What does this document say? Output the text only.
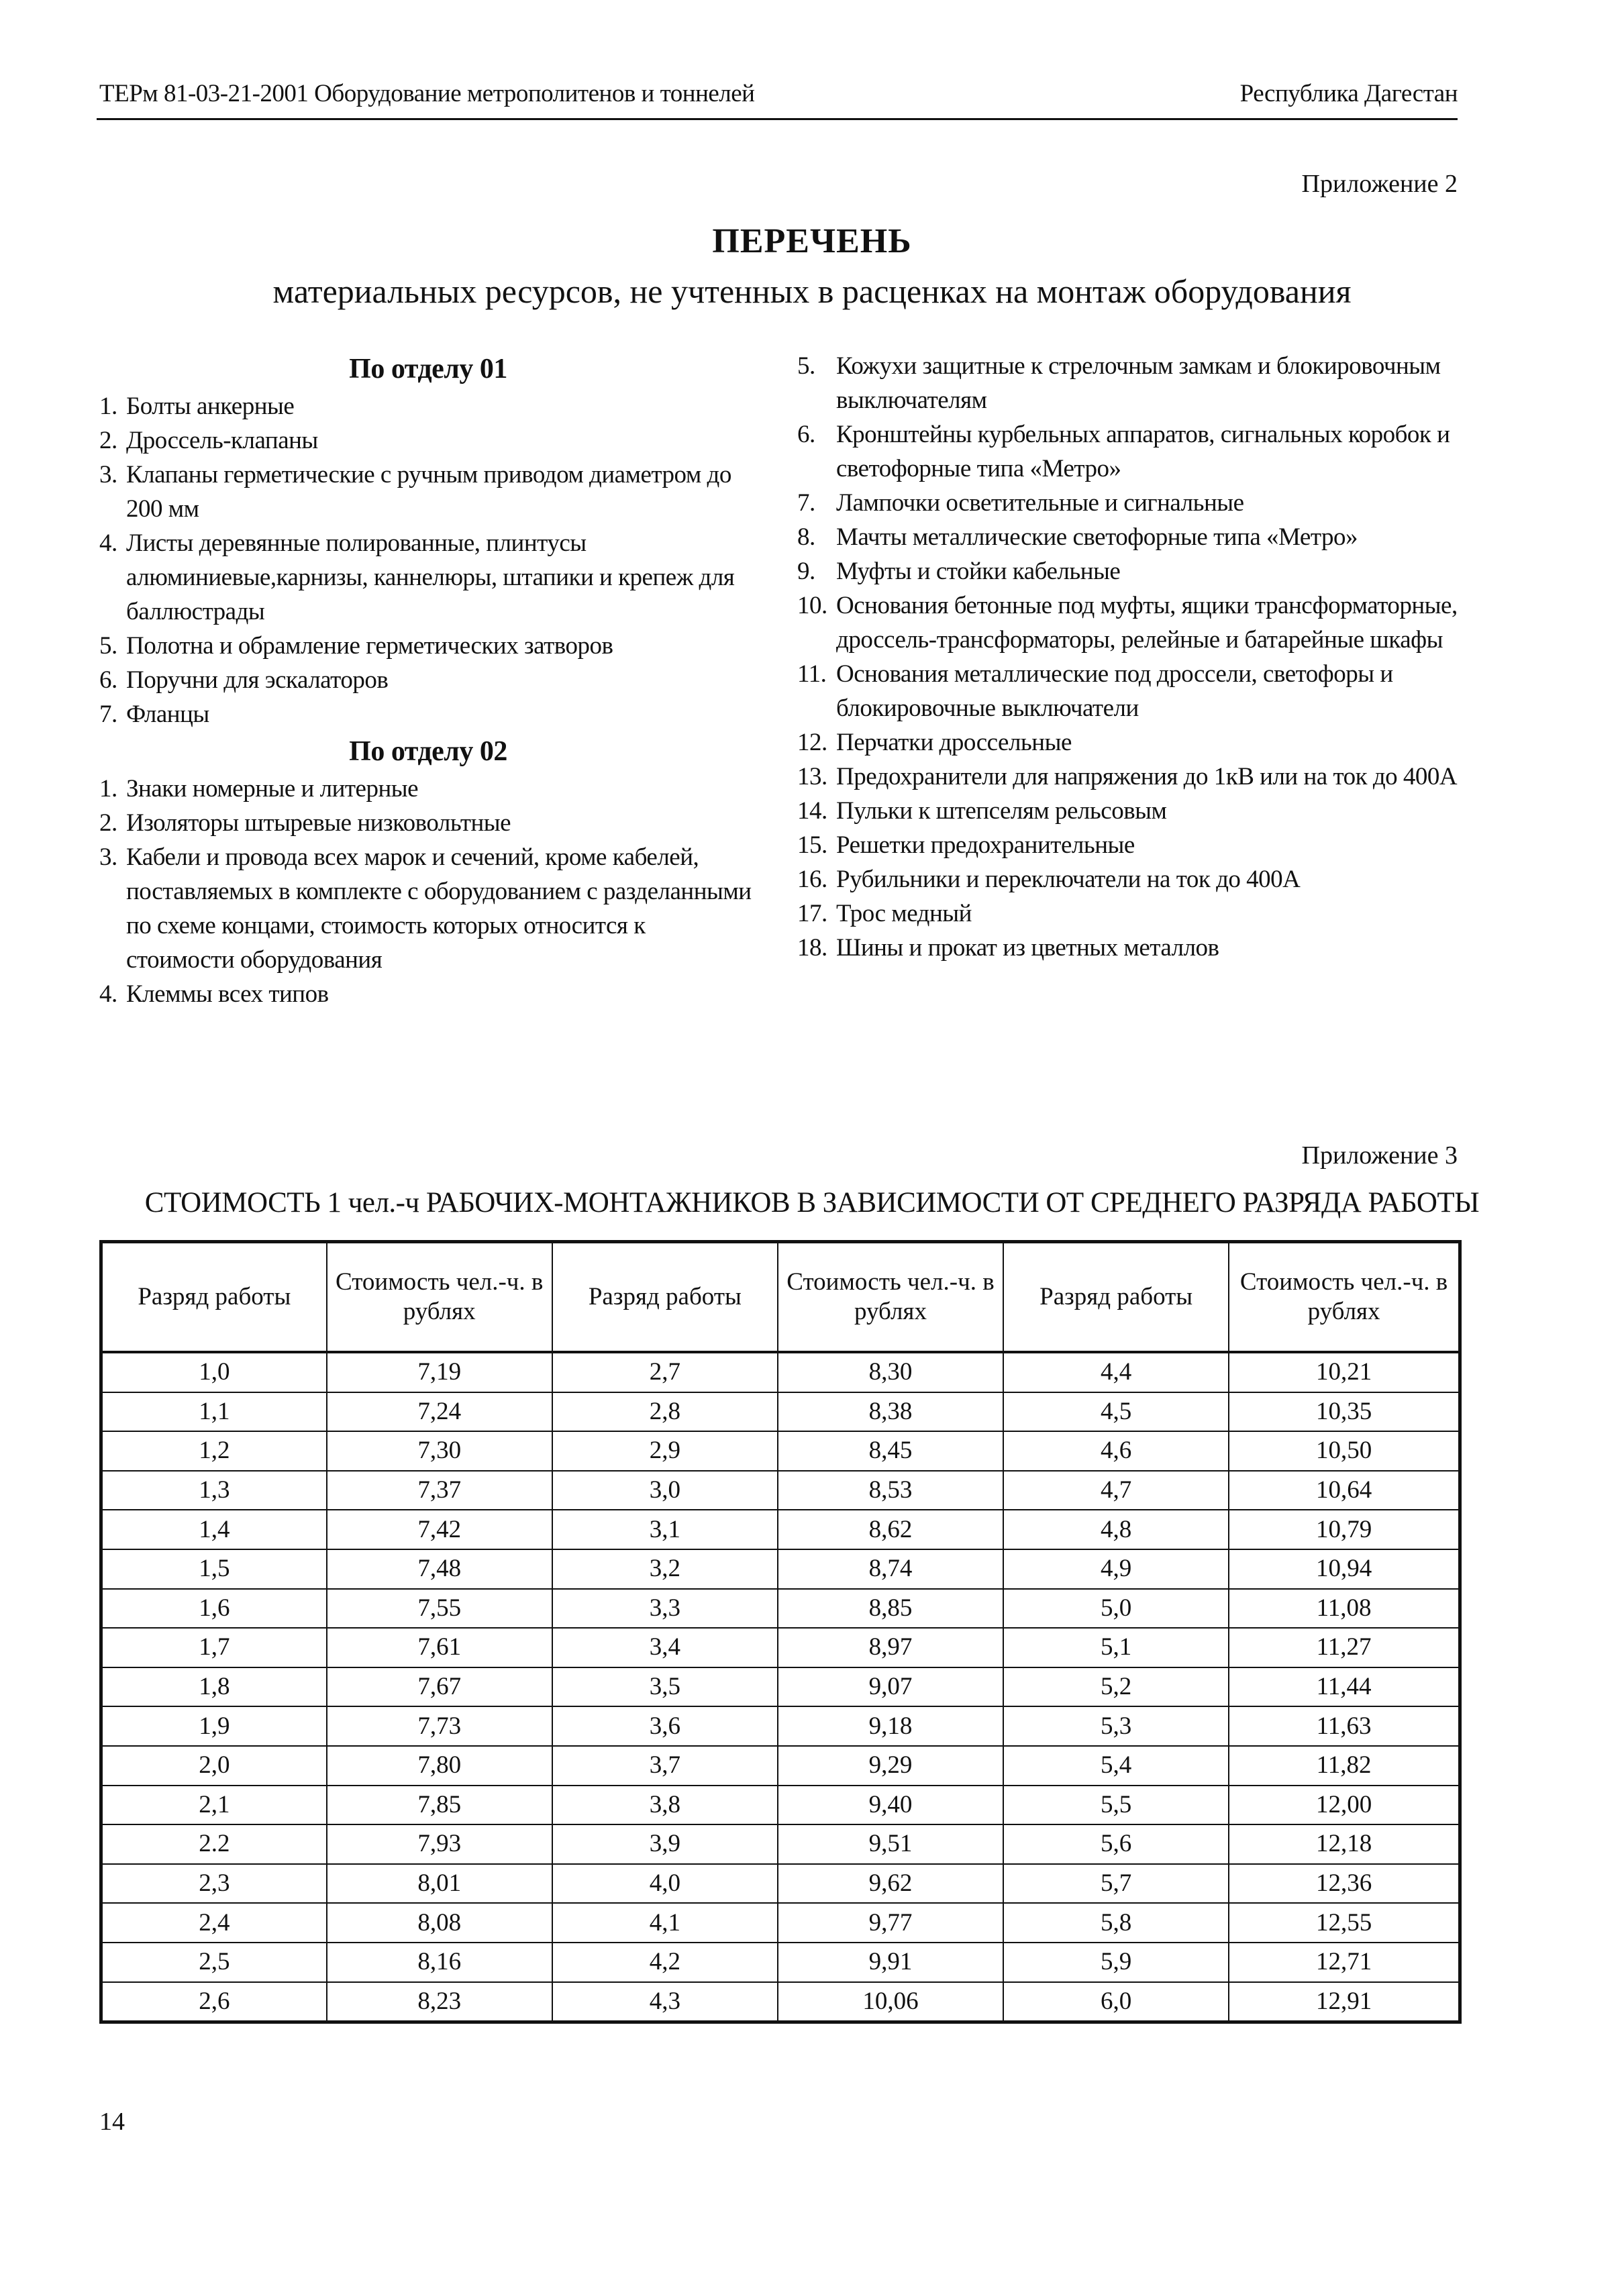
ТЕРм 81-03-21-2001 Оборудование метрополитенов и тоннелей	Республика Дагестан
Приложение 2
ПЕРЕЧЕНЬ
материальных ресурсов, не учтенных в расценках на монтаж оборудования

По отделу 01

1. Болты анкерные
2. Дроссель-клапаны
3. Клапаны герметические с ручным приводом диаметром до 200 мм
4. Листы деревянные полированные, плинтусы алюминиевые,карнизы, каннелюры, штапики и крепеж для баллюстрады
5. Полотна и обрамление герметических затворов
6. Поручни для эскалаторов
7. Фланцы

По отделу 02

1. Знаки номерные и литерные
2. Изоляторы штыревые низковольтные
3. Кабели и провода всех марок и сечений, кроме кабелей, поставляемых в комплекте с оборудованием с разделанными по схеме концами, стоимость которых относится к стоимости оборудования
4. Клеммы всех типов
5. Кожухи защитные к стрелочным замкам и блокировочным выключателям
6. Кронштейны курбельных аппаратов, сигнальных коробок и светофорные типа «Метро»
7. Лампочки осветительные и сигнальные
8. Мачты металлические светофорные типа «Метро»
9. Муфты и стойки кабельные
10. Основания бетонные под муфты, ящики трансформаторные, дроссель-трансформаторы, релейные и батарейные шкафы
11. Основания металлические под дроссели, светофоры и блокировочные выключатели
12. Перчатки дроссельные
13. Предохранители для напряжения до 1кВ или на ток до 400А
14. Пульки к штепселям рельсовым
15. Решетки предохранительные
16. Рубильники и переключатели на ток до 400А
17. Трос медный
18. Шины и прокат из цветных металлов
Приложение 3
СТОИМОСТЬ 1 чел.-ч РАБОЧИХ-МОНТАЖНИКОВ В ЗАВИСИМОСТИ ОТ СРЕДНЕГО РАЗРЯДА РАБОТЫ
Разряд работы	Стоимость чел.-ч. в рублях	Разряд работы	Стоимость чел.-ч. в рублях	Разряд работы	Стоимость чел.-ч. в рублях
1,0	7,19	2,7	8,30	4,4	10,21
1,1	7,24	2,8	8,38	4,5	10,35
1,2	7,30	2,9	8,45	4,6	10,50
1,3	7,37	3,0	8,53	4,7	10,64
1,4	7,42	3,1	8,62	4,8	10,79
1,5	7,48	3,2	8,74	4,9	10,94
1,6	7,55	3,3	8,85	5,0	11,08
1,7	7,61	3,4	8,97	5,1	11,27
1,8	7,67	3,5	9,07	5,2	11,44
1,9	7,73	3,6	9,18	5,3	11,63
2,0	7,80	3,7	9,29	5,4	11,82
2,1	7,85	3,8	9,40	5,5	12,00
2.2	7,93	3,9	9,51	5,6	12,18
2,3	8,01	4,0	9,62	5,7	12,36
2,4	8,08	4,1	9,77	5,8	12,55
2,5	8,16	4,2	9,91	5,9	12,71
2,6	8,23	4,3	10,06	6,0	12,91
14
